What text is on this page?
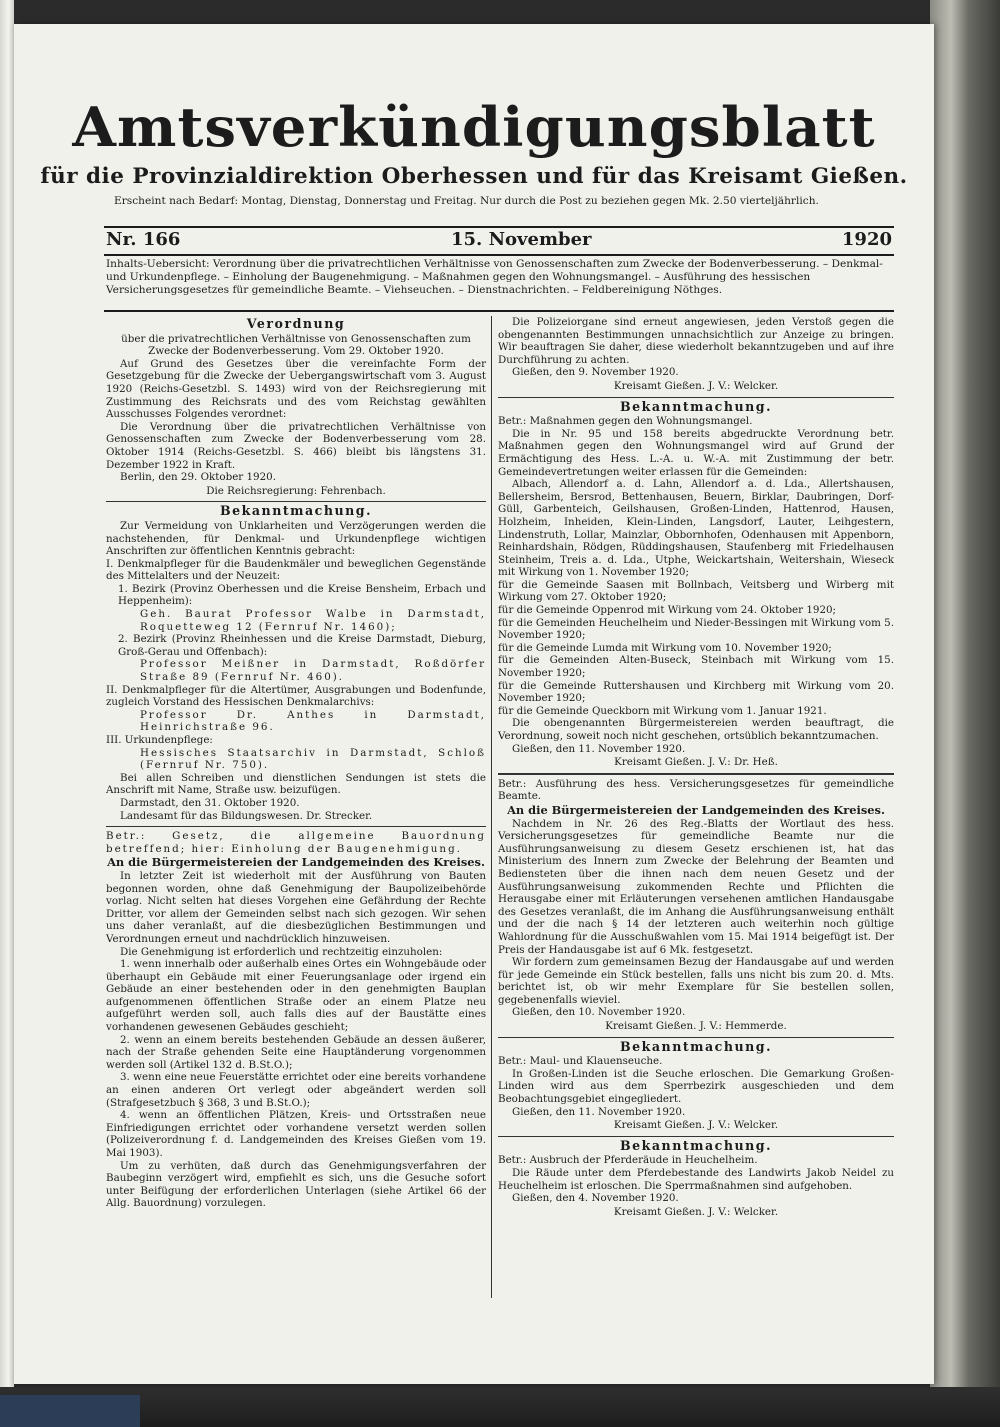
Amtsverkündigungsblatt
für die Provinzialdirektion Oberhessen und für das Kreisamt Gießen.
Erscheint nach Bedarf: Montag, Dienstag, Donnerstag und Freitag. Nur durch die Post zu beziehen gegen Mk. 2.50 vierteljährlich.
Nr. 166	15. November	1920
Inhalts-Uebersicht: Verordnung über die privatrechtlichen Verhältnisse von Genossenschaften zum Zwecke der Bodenverbesserung. – Denkmal- und Urkundenpflege. – Einholung der Baugenehmigung. – Maßnahmen gegen den Wohnungsmangel. – Ausführung des hessischen Versicherungsgesetzes für gemeindliche Beamte. – Viehseuchen. – Dienstnachrichten. – Feldbereinigung Nöthges.
Verordnung

über die privatrechtlichen Verhältnisse von Genossenschaften zum Zwecke der Bodenverbesserung. Vom 29. Oktober 1920.

Auf Grund des Gesetzes über die vereinfachte Form der Gesetzgebung für die Zwecke der Uebergangswirtschaft vom 3. August 1920 (Reichs-Gesetzbl. S. 1493) wird von der Reichsregierung mit Zustimmung des Reichsrats und des vom Reichstag gewählten Ausschusses Folgendes verordnet:

Die Verordnung über die privatrechtlichen Verhältnisse von Genossenschaften zum Zwecke der Bodenverbesserung vom 28. Oktober 1914 (Reichs-Gesetzbl. S. 466) bleibt bis längstens 31. Dezember 1922 in Kraft.

Berlin, den 29. Oktober 1920.

Die Reichsregierung: Fehrenbach.

Bekanntmachung.

Zur Vermeidung von Unklarheiten und Verzögerungen werden die nachstehenden, für Denkmal- und Urkundenpflege wichtigen Anschriften zur öffentlichen Kenntnis gebracht:

I. Denkmalpfleger für die Baudenkmäler und beweglichen Gegenstände des Mittelalters und der Neuzeit:

1. Bezirk (Provinz Oberhessen und die Kreise Bensheim, Erbach und Heppenheim):

Geh. Baurat Professor Walbe in Darmstadt, Roquetteweg 12 (Fernruf Nr. 1460);

2. Bezirk (Provinz Rheinhessen und die Kreise Darmstadt, Dieburg, Groß-Gerau und Offenbach):

Professor Meißner in Darmstadt, Roßdörfer Straße 89 (Fernruf Nr. 460).

II. Denkmalpfleger für die Altertümer, Ausgrabungen und Bodenfunde, zugleich Vorstand des Hessischen Denkmalarchivs:

Professor Dr. Anthes in Darmstadt, Heinrichstraße 96.

III. Urkundenpflege:

Hessisches Staatsarchiv in Darmstadt, Schloß (Fernruf Nr. 750).

Bei allen Schreiben und dienstlichen Sendungen ist stets die Anschrift mit Name, Straße usw. beizufügen.

Darmstadt, den 31. Oktober 1920.

Landesamt für das Bildungswesen. Dr. Strecker.

Betr.: Gesetz, die allgemeine Bauordnung betreffend; hier: Einholung der Baugenehmigung.

An die Bürgermeistereien der Landgemeinden des Kreises.

In letzter Zeit ist wiederholt mit der Ausführung von Bauten begonnen worden, ohne daß Genehmigung der Baupolizeibehörde vorlag. Nicht selten hat dieses Vorgehen eine Gefährdung der Rechte Dritter, vor allem der Gemeinden selbst nach sich gezogen. Wir sehen uns daher veranlaßt, auf die diesbezüglichen Bestimmungen und Verordnungen erneut und nachdrücklich hinzuweisen.

Die Genehmigung ist erforderlich und rechtzeitig einzuholen:

1. wenn innerhalb oder außerhalb eines Ortes ein Wohngebäude oder überhaupt ein Gebäude mit einer Feuerungsanlage oder irgend ein Gebäude an einer bestehenden oder in den genehmigten Bauplan aufgenommenen öffentlichen Straße oder an einem Platze neu aufgeführt werden soll, auch falls dies auf der Baustätte eines vorhandenen gewesenen Gebäudes geschieht;

2. wenn an einem bereits bestehenden Gebäude an dessen äußerer, nach der Straße gehenden Seite eine Hauptänderung vorgenommen werden soll (Artikel 132 d. B.St.O.);

3. wenn eine neue Feuerstätte errichtet oder eine bereits vorhandene an einen anderen Ort verlegt oder abgeändert werden soll (Strafgesetzbuch § 368, 3 und B.St.O.);

4. wenn an öffentlichen Plätzen, Kreis- und Ortsstraßen neue Einfriedigungen errichtet oder vorhandene versetzt werden sollen (Polizeiverordnung f. d. Landgemeinden des Kreises Gießen vom 19. Mai 1903).

Um zu verhüten, daß durch das Genehmigungsverfahren der Baubeginn verzögert wird, empfiehlt es sich, uns die Gesuche sofort unter Beifügung der erforderlichen Unterlagen (siehe Artikel 66 der Allg. Bauordnung) vorzulegen.

Die Polizeiorgane sind erneut angewiesen, jeden Verstoß gegen die obengenannten Bestimmungen unnachsichtlich zur Anzeige zu bringen. Wir beauftragen Sie daher, diese wiederholt bekanntzugeben und auf ihre Durchführung zu achten.

Gießen, den 9. November 1920.

Kreisamt Gießen. J. V.: Welcker.

Bekanntmachung.

Betr.: Maßnahmen gegen den Wohnungsmangel.

Die in Nr. 95 und 158 bereits abgedruckte Verordnung betr. Maßnahmen gegen den Wohnungsmangel wird auf Grund der Ermächtigung des Hess. L.-A. u. W.-A. mit Zustimmung der betr. Gemeindevertretungen weiter erlassen für die Gemeinden:

Albach, Allendorf a. d. Lahn, Allendorf a. d. Lda., Allertshausen, Bellersheim, Bersrod, Bettenhausen, Beuern, Birklar, Daubringen, Dorf-Güll, Garbenteich, Geilshausen, Großen-Linden, Hattenrod, Hausen, Holzheim, Inheiden, Klein-Linden, Langsdorf, Lauter, Leihgestern, Lindenstruth, Lollar, Mainzlar, Obbornhofen, Odenhausen mit Appenborn, Reinhardshain, Rödgen, Rüddingshausen, Staufenberg mit Friedelhausen Steinheim, Treis a. d. Lda., Utphe, Weickartshain, Weitershain, Wieseck mit Wirkung von 1. November 1920;

für die Gemeinde Saasen mit Bollnbach, Veitsberg und Wirberg mit Wirkung vom 27. Oktober 1920;

für die Gemeinde Oppenrod mit Wirkung vom 24. Oktober 1920;

für die Gemeinden Heuchelheim und Nieder-Bessingen mit Wirkung vom 5. November 1920;

für die Gemeinde Lumda mit Wirkung vom 10. November 1920;

für die Gemeinden Alten-Buseck, Steinbach mit Wirkung vom 15. November 1920;

für die Gemeinde Ruttershausen und Kirchberg mit Wirkung vom 20. November 1920;

für die Gemeinde Queckborn mit Wirkung vom 1. Januar 1921.

Die obengenannten Bürgermeistereien werden beauftragt, die Verordnung, soweit noch nicht geschehen, ortsüblich bekanntzumachen.

Gießen, den 11. November 1920.

Kreisamt Gießen. J. V.: Dr. Heß.

Betr.: Ausführung des hess. Versicherungsgesetzes für gemeindliche Beamte.

An die Bürgermeistereien der Landgemeinden des Kreises.

Nachdem in Nr. 26 des Reg.-Blatts der Wortlaut des hess. Versicherungsgesetzes für gemeindliche Beamte nur die Ausführungsanweisung zu diesem Gesetz erschienen ist, hat das Ministerium des Innern zum Zwecke der Belehrung der Beamten und Bediensteten über die ihnen nach dem neuen Gesetz und der Ausführungsanweisung zukommenden Rechte und Pflichten die Herausgabe einer mit Erläuterungen versehenen amtlichen Handausgabe des Gesetzes veranlaßt, die im Anhang die Ausführungsanweisung enthält und der die nach § 14 der letzteren auch weiterhin noch gültige Wahlordnung für die Ausschußwahlen vom 15. Mai 1914 beigefügt ist. Der Preis der Handausgabe ist auf 6 Mk. festgesetzt.

Wir fordern zum gemeinsamen Bezug der Handausgabe auf und werden für jede Gemeinde ein Stück bestellen, falls uns nicht bis zum 20. d. Mts. berichtet ist, ob wir mehr Exemplare für Sie bestellen sollen, gegebenenfalls wieviel.

Gießen, den 10. November 1920.

Kreisamt Gießen. J. V.: Hemmerde.

Bekanntmachung.

Betr.: Maul- und Klauenseuche.

In Großen-Linden ist die Seuche erloschen. Die Gemarkung Großen-Linden wird aus dem Sperrbezirk ausgeschieden und dem Beobachtungsgebiet eingegliedert.

Gießen, den 11. November 1920.

Kreisamt Gießen. J. V.: Welcker.

Bekanntmachung.

Betr.: Ausbruch der Pferderäude in Heuchelheim.

Die Räude unter dem Pferdebestande des Landwirts Jakob Neidel zu Heuchelheim ist erloschen. Die Sperrmaßnahmen sind aufgehoben.

Gießen, den 4. November 1920.

Kreisamt Gießen. J. V.: Welcker.
